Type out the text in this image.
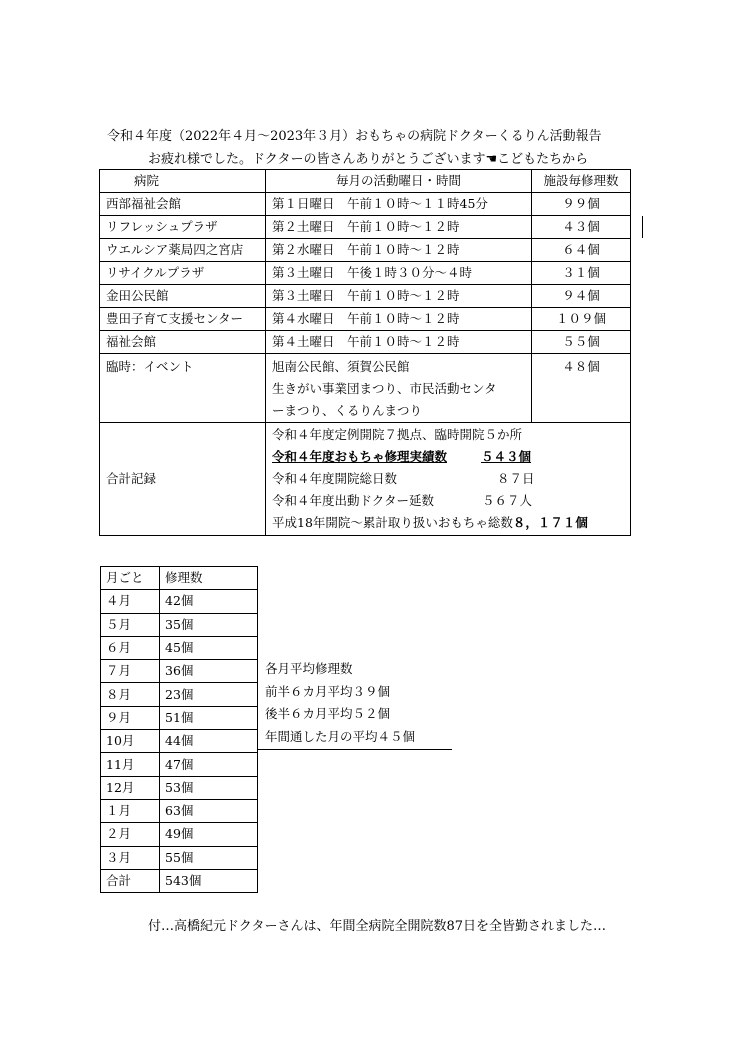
令和４年度（2022年４月〜2023年３月）おもちゃの病院ドクターくるりん活動報告
お疲れ様でした。ドクターの皆さんありがとうございます☚こどもたちから
病院	毎月の活動曜日・時間	施設毎修理数
西部福祉会館	第１日曜日　午前１０時〜１１時45分	９９個
リフレッシュプラザ	第２土曜日　午前１０時〜１２時	４３個
ウエルシア薬局四之宮店	第２水曜日　午前１０時〜１２時	６４個
リサイクルプラザ	第３土曜日　午後１時３０分〜４時	３１個
金田公民館	第３土曜日　午前１０時〜１２時	９４個
豊田子育て支援センター	第４水曜日　午前１０時〜１２時	１０９個
福祉会館	第４土曜日　午前１０時〜１２時	５５個
臨時：イベント	旭南公民館、須賀公民館
生きがい事業団まつり、市民活動センタ
ーまつり、くるりんまつり	４８個
合計記録	令和４年度定例開院７拠点、臨時開院５か所
令和４年度おもちゃ修理実績数 ５４３個
令和４年度開院総日数 ８７日
令和４年度出動ドクター延数 ５６７人
平成18年開院〜累計取り扱いおもちゃ総数８，１７１個	
月ごと	修理数
４月	42個
５月	35個
６月	45個
７月	36個
８月	23個
９月	51個
10月	44個
11月	47個
12月	53個
１月	63個
２月	49個
３月	55個
合計	543個
各月平均修理数
前半６カ月平均３９個
後半６カ月平均５２個
年間通した月の平均４５個
付…高橋紀元ドクターさんは、年間全病院全開院数87日を全皆勤されました…
